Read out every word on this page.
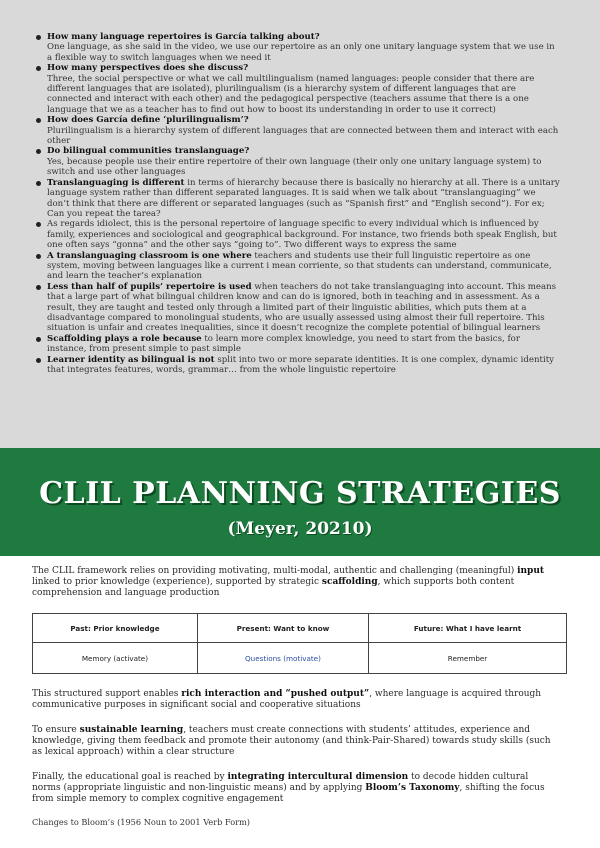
How many language repertoires is García talking about?
One language, as she said in the video, we use our repertoire as an only one unitary language system that we use in a flexible way to switch languages when we need it
How many perspectives does she discuss?
Three, the social perspective or what we call multilingualism (named languages: people consider that there are different languages that are isolated), plurilingualism (is a hierarchy system of different languages that are connected and interact with each other) and the pedagogical perspective (teachers assume that there is a one language that we as a teacher has to find out how to boost its understanding in order to use it correct)
How does García define ‘plurilingualism’?
Plurilingualism is a hierarchy system of different languages that are connected between them and interact with each other
Do bilingual communities translanguage?
Yes, because people use their entire repertoire of their own language (their only one unitary language system) to switch and use other languages
Translanguaging is different in terms of hierarchy because there is basically no hierarchy at all. There is a unitary language system rather than different separated languages. It is said when we talk about “translanguaging” we don’t think that there are different or separated languages (such as “Spanish first” and “English second”). For ex; Can you repeat the tarea?
As regards idiolect, this is the personal repertoire of language specific to every individual which is influenced by family, experiences and sociological and geographical background. For instance, two friends both speak English, but one often says “gonna” and the other says “going to”. Two different ways to express the same
A translanguaging classroom is one where teachers and students use their full linguistic repertoire as one system, moving between languages like a current i mean corriente, so that students can understand, communicate, and learn the teacher’s explanation
Less than half of pupils’ repertoire is used when teachers do not take translanguaging into account. This means that a large part of what bilingual children know and can do is ignored, both in teaching and in assessment. As a result, they are taught and tested only through a limited part of their linguistic abilities, which puts them at a disadvantage compared to monolingual students, who are usually assessed using almost their full repertoire. This situation is unfair and creates inequalities, since it doesn’t recognize the complete potential of bilingual learners
Scaffolding plays a role because to learn more complex knowledge, you need to start from the basics, for instance, from present simple to past simple
Learner identity as bilingual is not split into two or more separate identities. It is one complex, dynamic identity that integrates features, words, grammar… from the whole linguistic repertoire
CLIL PLANNING STRATEGIES
(Meyer, 20210)

The CLIL framework relies on providing motivating, multi-modal, authentic and challenging (meaningful) input linked to prior knowledge (experience), supported by strategic scaffolding, which supports both content comprehension and language production

Past: Prior knowledge	Present: Want to know	Future: What I have learnt
Memory (activate)	Questions (motivate)	Remember

This structured support enables rich interaction and “pushed output”, where language is acquired through communicative purposes in significant social and cooperative situations

To ensure sustainable learning, teachers must create connections with students’ attitudes, experience and knowledge, giving them feedback and promote their autonomy (and think-Pair-Shared) towards study skills (such as lexical approach) within a clear structure

Finally, the educational goal is reached by integrating intercultural dimension to decode hidden cultural norms (appropriate linguistic and non-linguistic means) and by applying Bloom’s Taxonomy, shifting the focus from simple memory to complex cognitive engagement

Changes to Bloom’s (1956 Noun to 2001 Verb Form)
